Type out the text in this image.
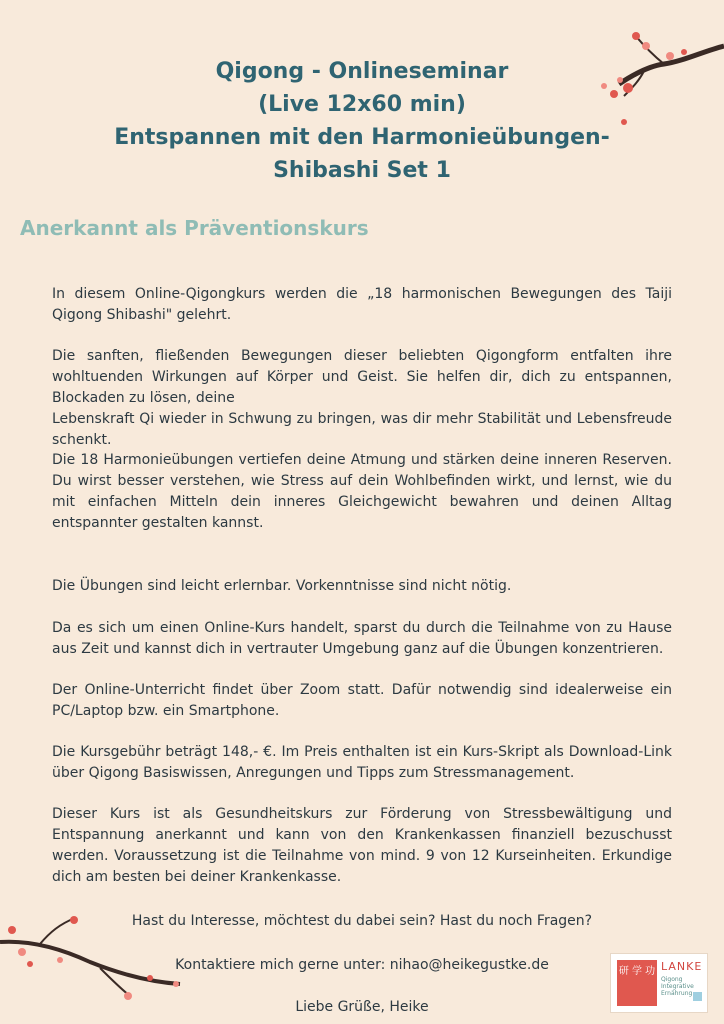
Qigong - Onlineseminar
(Live 12x60 min)
Entspannen mit den Harmonieübungen-
Shibashi Set 1
Anerkannt als Präventionskurs

In diesem Online-Qigongkurs werden die „18 harmonischen Bewegungen des Taiji Qigong Shibashi" gelehrt.

Die sanften, fließenden Bewegungen dieser beliebten Qigongform entfalten ihre wohltuenden Wirkungen auf Körper und Geist. Sie helfen dir, dich zu entspannen, Blockaden zu lösen, deine

Lebenskraft Qi wieder in Schwung zu bringen, was dir mehr Stabilität und Lebensfreude schenkt.

Die 18 Harmonieübungen vertiefen deine Atmung und stärken deine inneren Reserven. Du wirst besser verstehen, wie Stress auf dein Wohlbefinden wirkt, und lernst, wie du mit einfachen Mitteln dein inneres Gleichgewicht bewahren und deinen Alltag entspannter gestalten kannst.

Die Übungen sind leicht erlernbar. Vorkenntnisse sind nicht nötig.

Da es sich um einen Online-Kurs handelt, sparst du durch die Teilnahme von zu Hause aus Zeit und kannst dich in vertrauter Umgebung ganz auf die Übungen konzentrieren.

Der Online-Unterricht findet über Zoom statt. Dafür notwendig sind idealerweise ein PC/Laptop bzw. ein Smartphone.

Die Kursgebühr beträgt 148,- €. Im Preis enthalten ist ein Kurs-Skript als Download-Link über Qigong Basiswissen, Anregungen und Tipps zum Stressmanagement.

Dieser Kurs ist als Gesundheitskurs zur Förderung von Stressbewältigung und Entspannung anerkannt und kann von den Krankenkassen finanziell bezuschusst werden. Voraussetzung ist die Teilnahme von mind. 9 von 12 Kurseinheiten. Erkundige dich am besten bei deiner Krankenkasse.

Hast du Interesse, möchtest du dabei sein? Hast du noch Fragen?
Kontaktiere mich gerne unter: nihao@heikegustke.de
Liebe Grüße, Heike
研 学 功 LANKE
Qigong
Integrative
Ernährung
